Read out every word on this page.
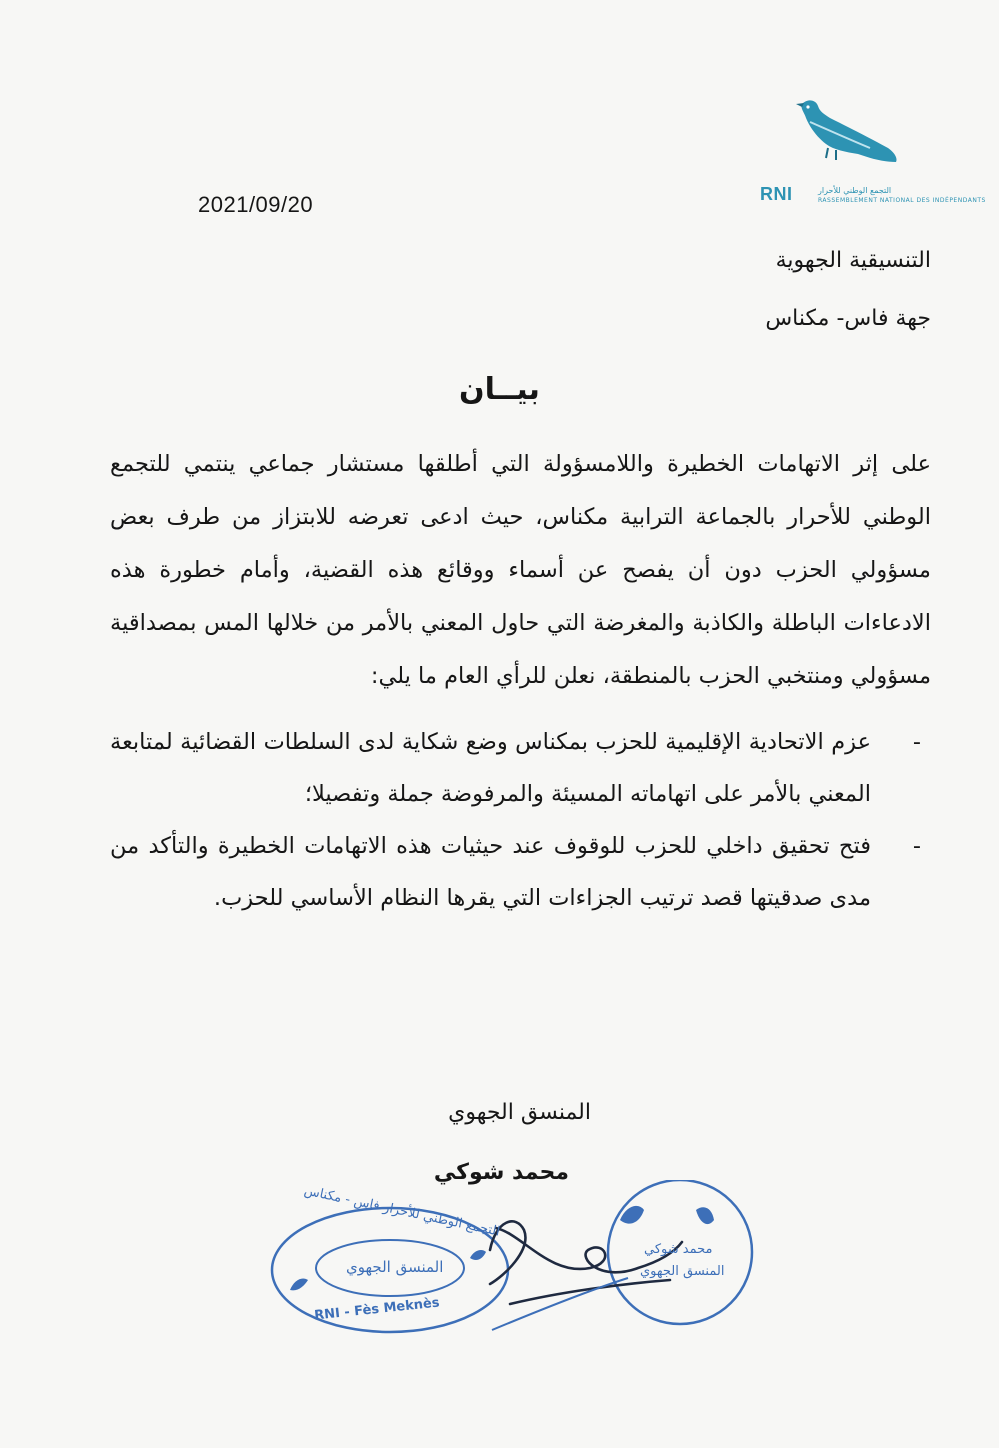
RNI	التجمع الوطني للأحرار
RASSEMBLEMENT NATIONAL DES INDÉPENDANTS
2021/09/20
التنسيقية الجهوية
جهة فاس- مكناس
بيــان

على إثر الاتهامات الخطيرة واللامسؤولة التي أطلقها مستشار جماعي ينتمي للتجمع الوطني للأحرار بالجماعة الترابية مكناس، حيث ادعى تعرضه للابتزاز من طرف بعض مسؤولي الحزب دون أن يفصح عن أسماء ووقائع هذه القضية، وأمام خطورة هذه الادعاءات الباطلة والكاذبة والمغرضة التي حاول المعني بالأمر من خلالها المس بمصداقية مسؤولي ومنتخبي الحزب بالمنطقة، نعلن للرأي العام ما يلي:

- عزم الاتحادية الإقليمية للحزب بمكناس وضع شكاية لدى السلطات القضائية لمتابعة المعني بالأمر على اتهاماته المسيئة والمرفوضة جملة وتفصيلا؛
- فتح تحقيق داخلي للحزب للوقوف عند حيثيات هذه الاتهامات الخطيرة والتأكد من مدى صدقيتها قصد ترتيب الجزاءات التي يقرها النظام الأساسي للحزب.
المنسق الجهوي
محمد شوكي
التجمع الوطني للأحرار فاس - مكناس
المنسق الجهوي
RNI - Fès Meknès
محمد شوكي
المنسق الجهوي
